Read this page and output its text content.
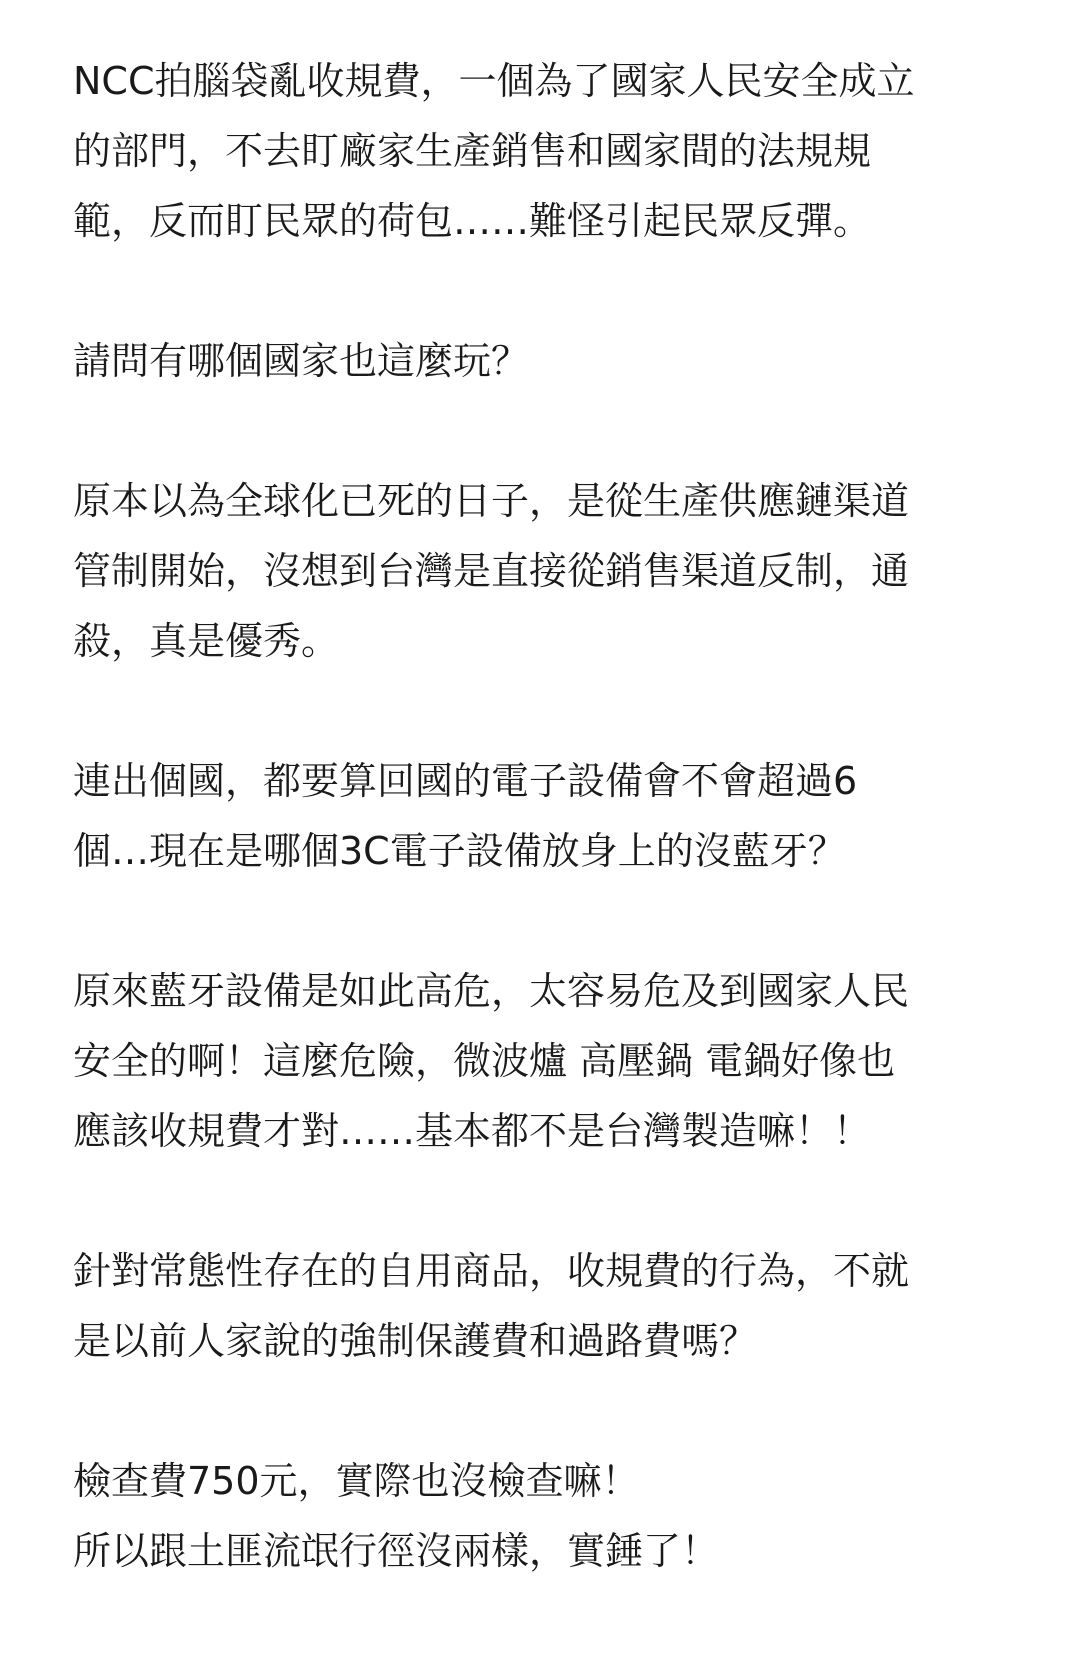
NCC拍腦袋亂收規費，一個為了國家人民安全成立
的部門，不去盯廠家生產銷售和國家間的法規規
範，反而盯民眾的荷包……難怪引起民眾反彈。

請問有哪個國家也這麼玩？

原本以為全球化已死的日子，是從生產供應鏈渠道
管制開始，沒想到台灣是直接從銷售渠道反制，通
殺，真是優秀。

連出個國，都要算回國的電子設備會不會超過6
個…現在是哪個3C電子設備放身上的沒藍牙？

原來藍牙設備是如此高危，太容易危及到國家人民
安全的啊！這麼危險，微波爐 高壓鍋 電鍋好像也
應該收規費才對……基本都不是台灣製造嘛！！

針對常態性存在的自用商品，收規費的行為，不就
是以前人家說的強制保護費和過路費嗎？

檢查費750元，實際也沒檢查嘛！
所以跟土匪流氓行徑沒兩樣，實錘了！
